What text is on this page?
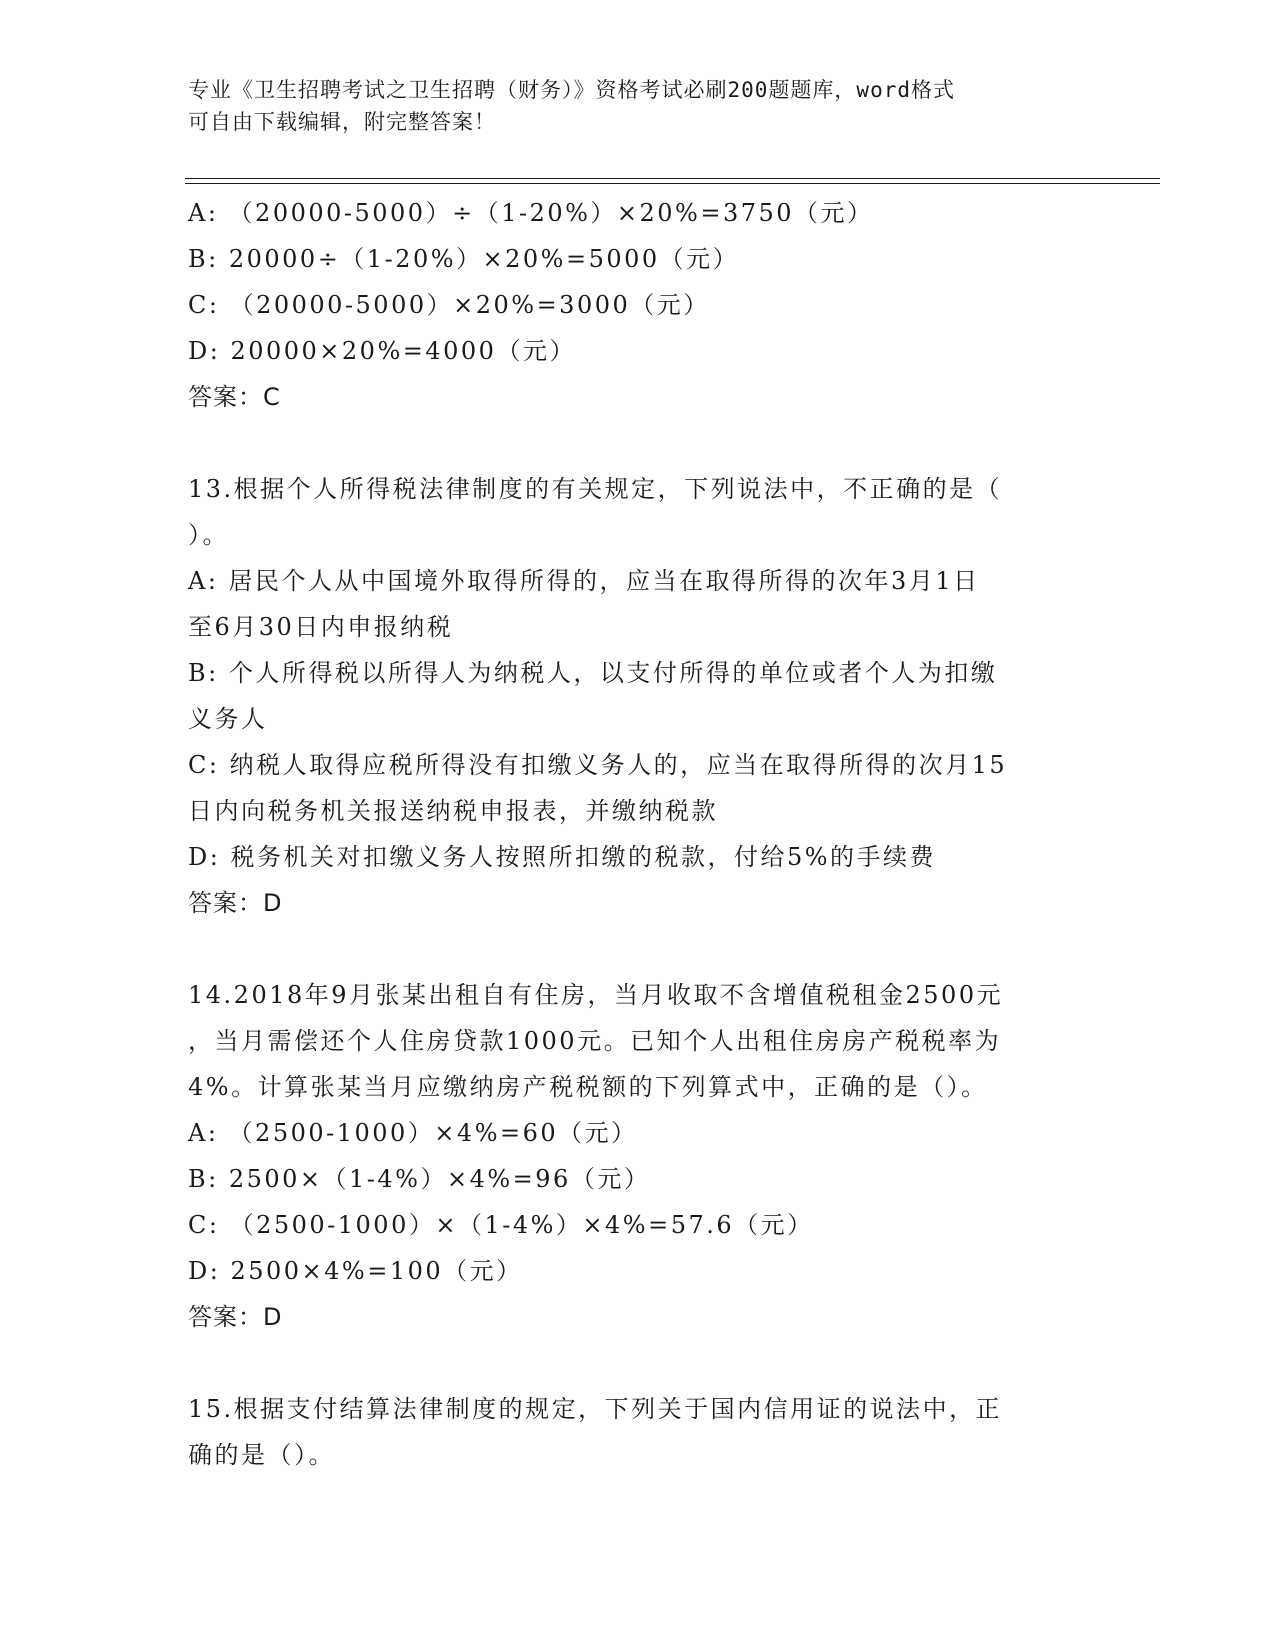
专业《卫生招聘考试之卫生招聘（财务）》资格考试必刷200题题库，word格式
可自由下载编辑，附完整答案！
A: （20000-5000）÷（1-20%）×20%=3750（元）
B: 20000÷（1-20%）×20%=5000（元）
C: （20000-5000）×20%=3000（元）
D: 20000×20%=4000（元）
答案：C
13.根据个人所得税法律制度的有关规定，下列说法中，不正确的是（
）。
A: 居民个人从中国境外取得所得的，应当在取得所得的次年3月1日
至6月30日内申报纳税
B: 个人所得税以所得人为纳税人，以支付所得的单位或者个人为扣缴
义务人
C: 纳税人取得应税所得没有扣缴义务人的，应当在取得所得的次月15
日内向税务机关报送纳税申报表，并缴纳税款
D: 税务机关对扣缴义务人按照所扣缴的税款，付给5%的手续费
答案：D
14.2018年9月张某出租自有住房，当月收取不含增值税租金2500元
，当月需偿还个人住房贷款1000元。已知个人出租住房房产税税率为
4%。计算张某当月应缴纳房产税税额的下列算式中，正确的是（）。
A: （2500-1000）×4%=60（元）
B: 2500×（1-4%）×4%=96（元）
C: （2500-1000）×（1-4%）×4%=57.6（元）
D: 2500×4%=100（元）
答案：D
15.根据支付结算法律制度的规定，下列关于国内信用证的说法中，正
确的是（）。
